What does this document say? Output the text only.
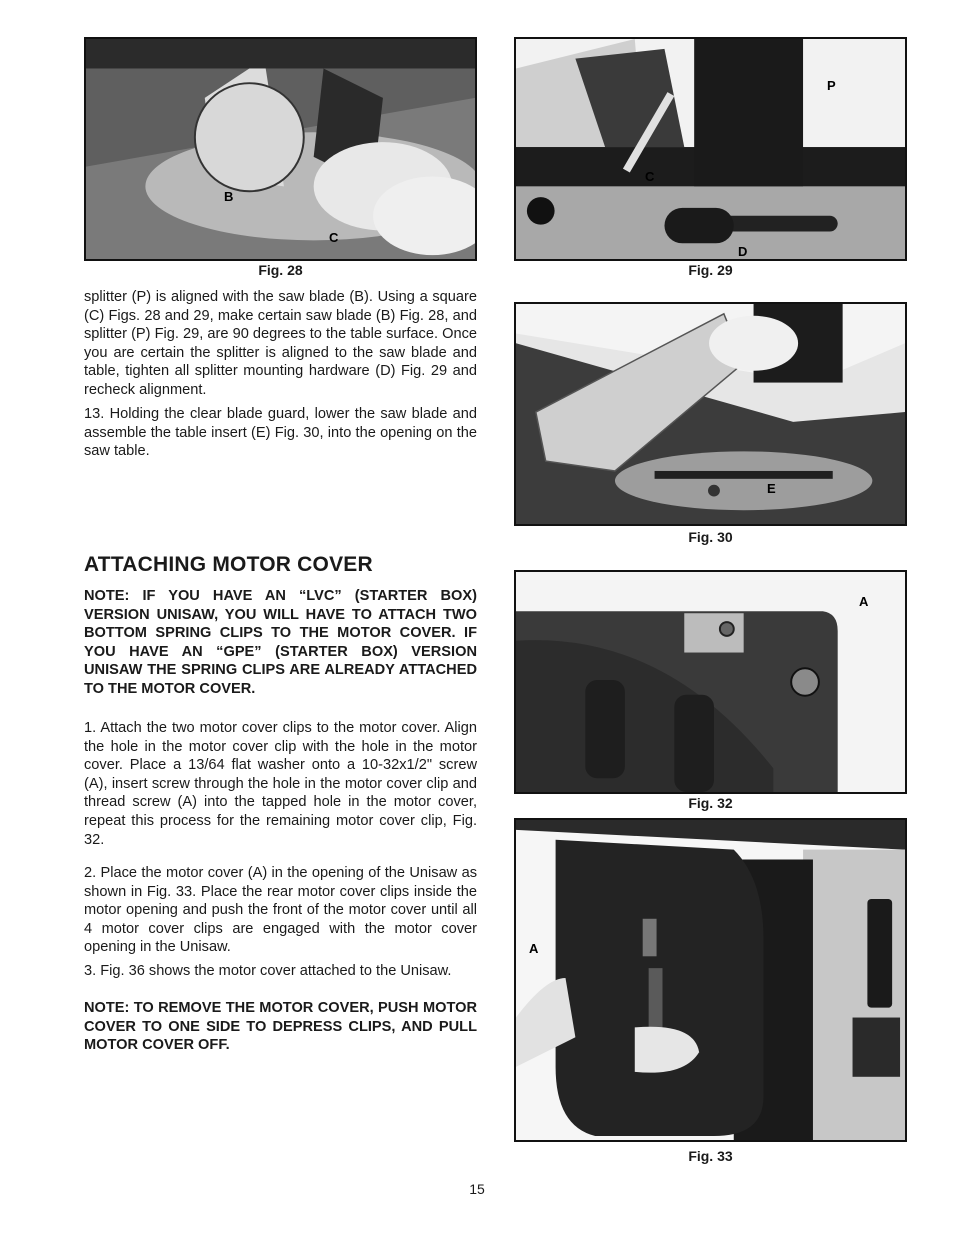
B
C
Fig. 28
P
C
D
Fig. 29

splitter (P) is aligned with the saw blade (B). Using a square (C) Figs. 28 and 29, make certain saw blade (B) Fig. 28, and splitter (P) Fig. 29, are 90 degrees to the table surface. Once you are certain the splitter is aligned to the saw blade and table, tighten all splitter mounting hardware (D) Fig. 29 and recheck alignment.

13. Holding the clear blade guard, lower the saw blade and assemble the table insert (E) Fig. 30, into the opening on the saw table.

E
Fig. 30
ATTACHING MOTOR COVER

NOTE: IF YOU HAVE AN “LVC” (STARTER BOX) VERSION UNISAW, YOU WILL HAVE TO ATTACH TWO BOTTOM SPRING CLIPS TO THE MOTOR COVER. IF YOU HAVE AN “GPE” (STARTER BOX) VERSION UNISAW THE SPRING CLIPS ARE ALREADY ATTACHED TO THE MOTOR COVER.

1. Attach the two motor cover clips to the motor cover. Align the hole in the motor cover clip with the hole in the motor cover. Place a 13/64 flat washer onto a 10-32x1/2" screw (A), insert screw through the hole in the motor cover clip and thread screw (A) into the tapped hole in the motor cover, repeat this process for the remaining motor cover clip, Fig. 32.

2. Place the motor cover (A) in the opening of the Unisaw as shown in Fig. 33. Place the rear motor cover clips inside the motor opening and push the front of the motor cover until all 4 motor cover clips are engaged with the motor cover opening in the Unisaw.

3. Fig. 36 shows the motor cover attached to the Unisaw.

NOTE: TO REMOVE THE MOTOR COVER, PUSH MOTOR COVER TO ONE SIDE TO DEPRESS CLIPS, AND PULL MOTOR COVER OFF.

A
Fig. 32
A
Fig. 33
15
